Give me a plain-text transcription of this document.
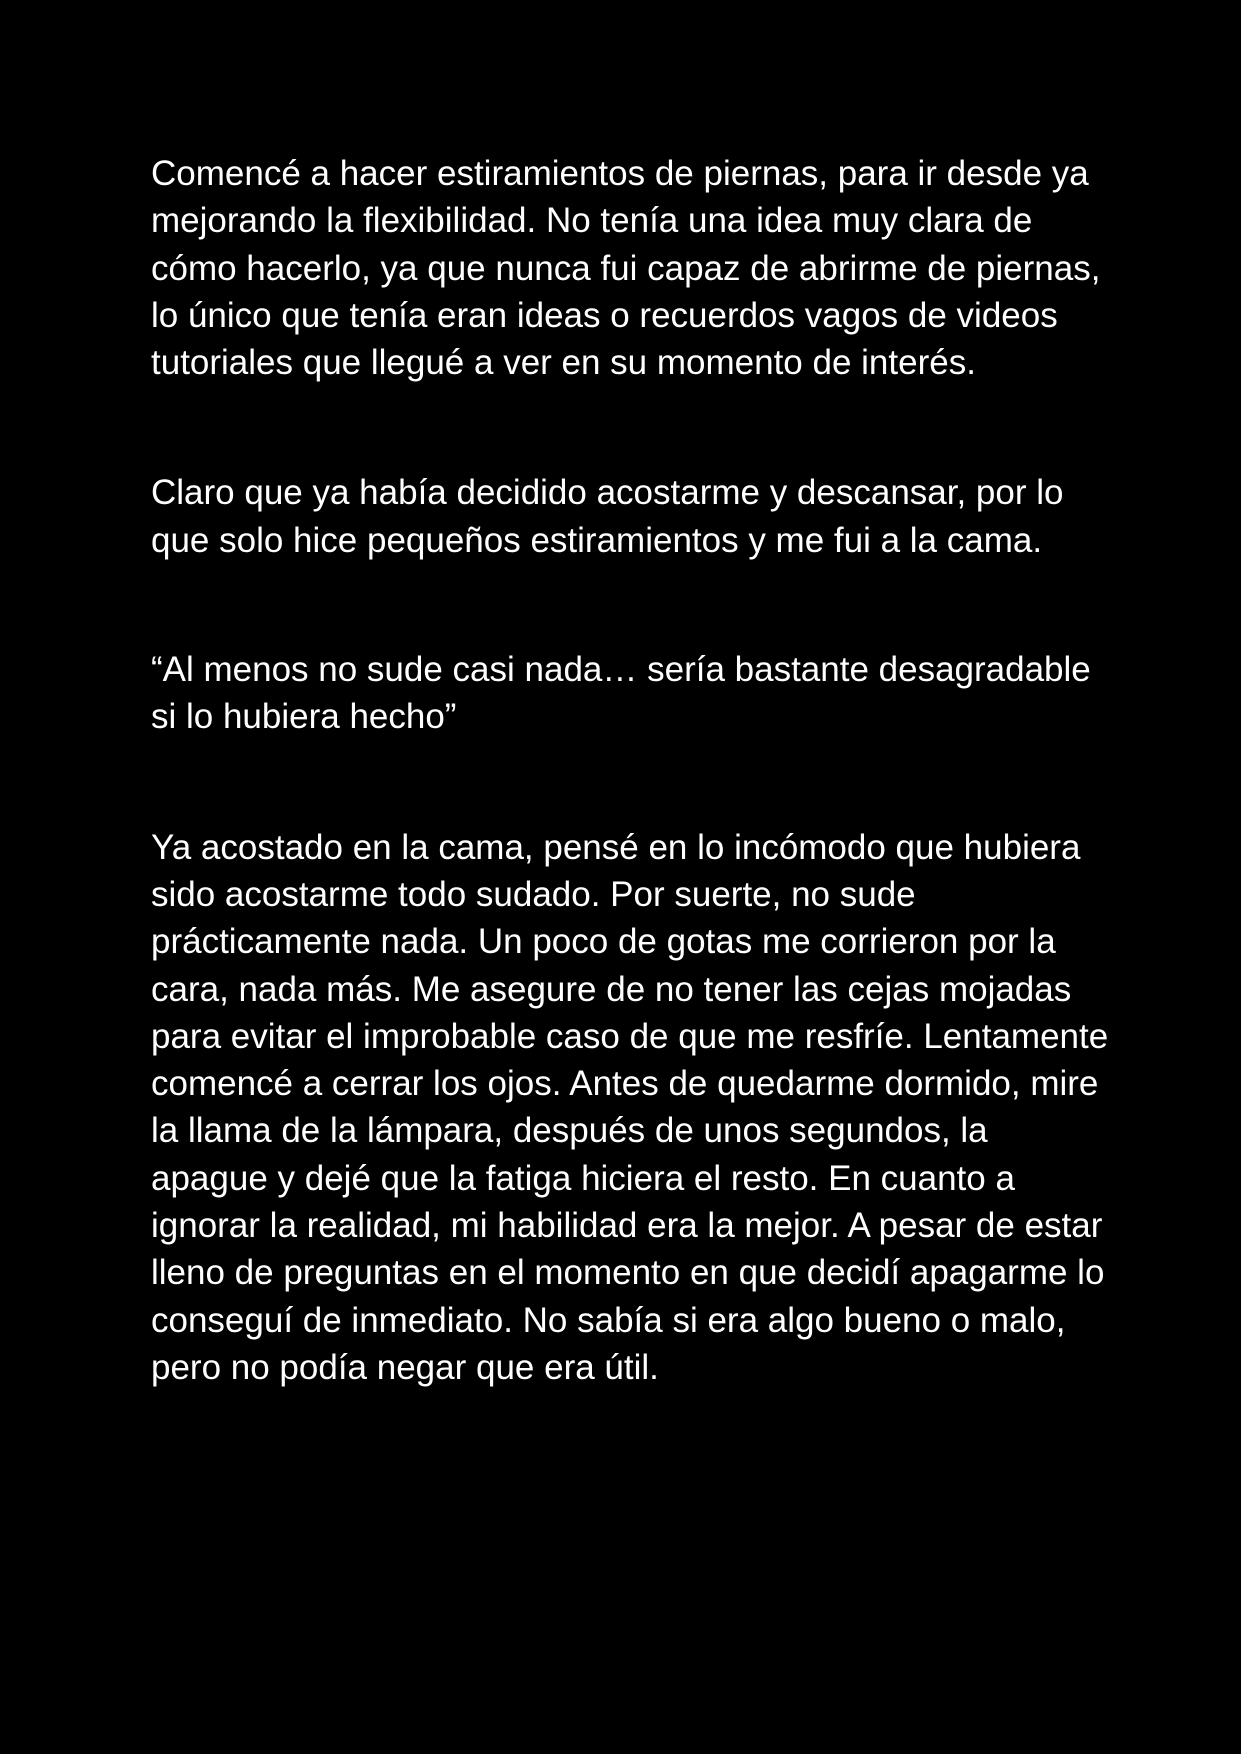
Comencé a hacer estiramientos de piernas, para ir desde ya mejorando la flexibilidad. No tenía una idea muy clara de cómo hacerlo, ya que nunca fui capaz de abrirme de piernas, lo único que tenía eran ideas o recuerdos vagos de videos tutoriales que llegué a ver en su momento de interés.

Claro que ya había decidido acostarme y descansar, por lo que solo hice pequeños estiramientos y me fui a la cama.

“Al menos no sude casi nada… sería bastante desagradable si lo hubiera hecho”

Ya acostado en la cama, pensé en lo incómodo que hubiera sido acostarme todo sudado. Por suerte, no sude prácticamente nada. Un poco de gotas me corrieron por la cara, nada más. Me asegure de no tener las cejas mojadas para evitar el improbable caso de que me resfríe. Lentamente comencé a cerrar los ojos. Antes de quedarme dormido, mire la llama de la lámpara, después de unos segundos, la apague y dejé que la fatiga hiciera el resto. En cuanto a ignorar la realidad, mi habilidad era la mejor. A pesar de estar lleno de preguntas en el momento en que decidí apagarme lo conseguí de inmediato. No sabía si era algo bueno o malo, pero no podía negar que era útil.
